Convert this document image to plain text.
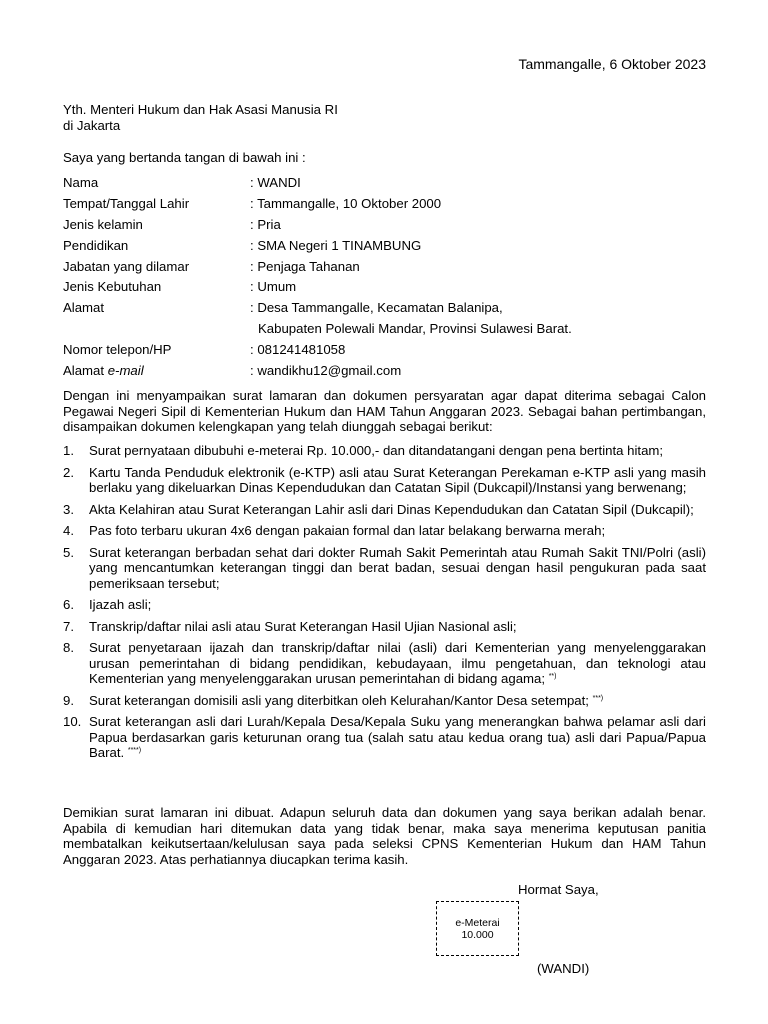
Tammangalle, 6 Oktober 2023
Yth. Menteri Hukum dan Hak Asasi Manusia RI
di Jakarta
Saya yang bertanda tangan di bawah ini :
Nama	: WANDI
Tempat/Tanggal Lahir	: Tammangalle, 10 Oktober 2000
Jenis kelamin	: Pria
Pendidikan	: SMA Negeri 1 TINAMBUNG
Jabatan yang dilamar	: Penjaga Tahanan
Jenis Kebutuhan	: Umum
Alamat	: Desa Tammangalle, Kecamatan Balanipa,
Kabupaten Polewali Mandar, Provinsi Sulawesi Barat.
Nomor telepon/HP	: 081241481058
Alamat e-mail	: wandikhu12@gmail.com
Dengan ini menyampaikan surat lamaran dan dokumen persyaratan agar dapat diterima sebagai Calon Pegawai Negeri Sipil di Kementerian Hukum dan HAM Tahun Anggaran 2023. Sebagai bahan pertimbangan, disampaikan dokumen kelengkapan yang telah diunggah sebagai berikut:
1.	Surat pernyataan dibubuhi e-meterai Rp. 10.000,- dan ditandatangani dengan pena bertinta hitam;
2.	Kartu Tanda Penduduk elektronik (e-KTP) asli atau Surat Keterangan Perekaman e-KTP asli yang masih berlaku yang dikeluarkan Dinas Kependudukan dan Catatan Sipil (Dukcapil)/Instansi yang berwenang;
3.	Akta Kelahiran atau Surat Keterangan Lahir asli dari Dinas Kependudukan dan Catatan Sipil (Dukcapil);
4.	Pas foto terbaru ukuran 4x6 dengan pakaian formal dan latar belakang berwarna merah;
5.	Surat keterangan berbadan sehat dari dokter Rumah Sakit Pemerintah atau Rumah Sakit TNI/Polri (asli) yang mencantumkan keterangan tinggi dan berat badan, sesuai dengan hasil pengukuran pada saat pemeriksaan tersebut;
6.	Ijazah asli;
7.	Transkrip/daftar nilai asli atau Surat Keterangan Hasil Ujian Nasional asli;
8.	Surat penyetaraan ijazah dan transkrip/daftar nilai (asli) dari Kementerian yang menyelenggarakan urusan pemerintahan di bidang pendidikan, kebudayaan, ilmu pengetahuan, dan teknologi atau Kementerian yang menyelenggarakan urusan pemerintahan di bidang agama; **)
9.	Surat keterangan domisili asli yang diterbitkan oleh Kelurahan/Kantor Desa setempat; ***)
10. Surat keterangan asli dari Lurah/Kepala Desa/Kepala Suku yang menerangkan bahwa pelamar asli dari Papua berdasarkan garis keturunan orang tua (salah satu atau kedua orang tua) asli dari Papua/Papua Barat. ****)
Demikian surat lamaran ini dibuat. Adapun seluruh data dan dokumen yang saya berikan adalah benar. Apabila di kemudian hari ditemukan data yang tidak benar, maka saya menerima keputusan panitia membatalkan keikutsertaan/kelulusan saya pada seleksi CPNS Kementerian Hukum dan HAM Tahun Anggaran 2023. Atas perhatiannya diucapkan terima kasih.
Hormat Saya,
e-Meterai
10.000
(WANDI)
